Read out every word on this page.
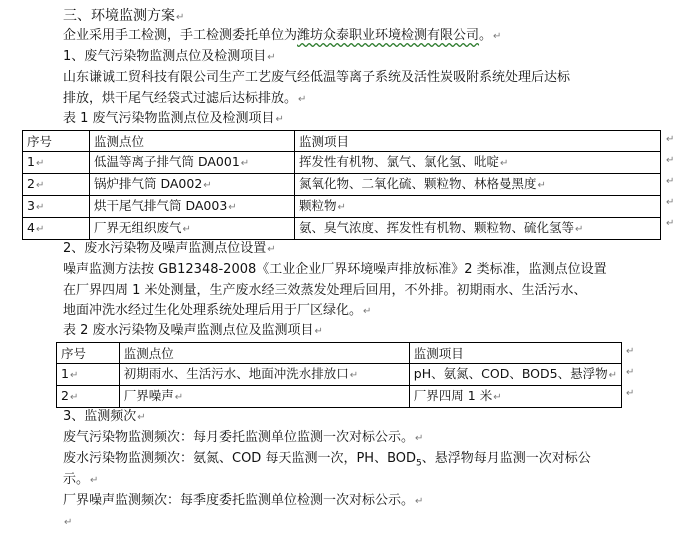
三、环境监测方案↵
企业采用手工检测，手工检测委托单位为潍坊众泰职业环境检测有限公司。↵
1、废气污染物监测点位及检测项目↵
山东谦诚工贸科技有限公司生产工艺废气经低温等离子系统及活性炭吸附系统处理后达标
排放，烘干尾气经袋式过滤后达标排放。↵
表 1 废气污染物监测点位及检测项目↵
序号	监测点位	监测项目
1↵	低温等离子排气筒 DA001↵	挥发性有机物、氯气、氯化氢、吡啶↵
2↵	锅炉排气筒 DA002↵	氮氧化物、二氧化硫、颗粒物、林格曼黑度↵
3↵	烘干尾气排气筒 DA003↵	颗粒物↵
4↵	厂界无组织废气↵	氨、臭气浓度、挥发性有机物、颗粒物、硫化氢等↵
↵
↵
↵
↵
↵
2、废水污染物及噪声监测点位设置↵
噪声监测方法按 GB12348-2008《工业企业厂界环境噪声排放标准》2 类标准，监测点位设置
在厂界四周 1 米处测量，生产废水经三效蒸发处理后回用，不外排。初期雨水、生活污水、
地面冲洗水经过生化处理系统处理后用于厂区绿化。↵
表 2 废水污染物及噪声监测点位及监测项目↵
序号	监测点位	监测项目
1↵	初期雨水、生活污水、地面冲洗水排放口↵	pH、氨氮、COD、BOD5、悬浮物↵
2↵	厂界噪声↵	厂界四周 1 米↵
↵
↵
↵
3、监测频次↵
废气污染物监测频次：每月委托监测单位监测一次对标公示。↵
废水污染物监测频次：氨氮、COD 每天监测一次，PH、$BOD_5$、悬浮物每月监测一次对标公
示。↵
厂界噪声监测频次：每季度委托监测单位检测一次对标公示。↵
↵
